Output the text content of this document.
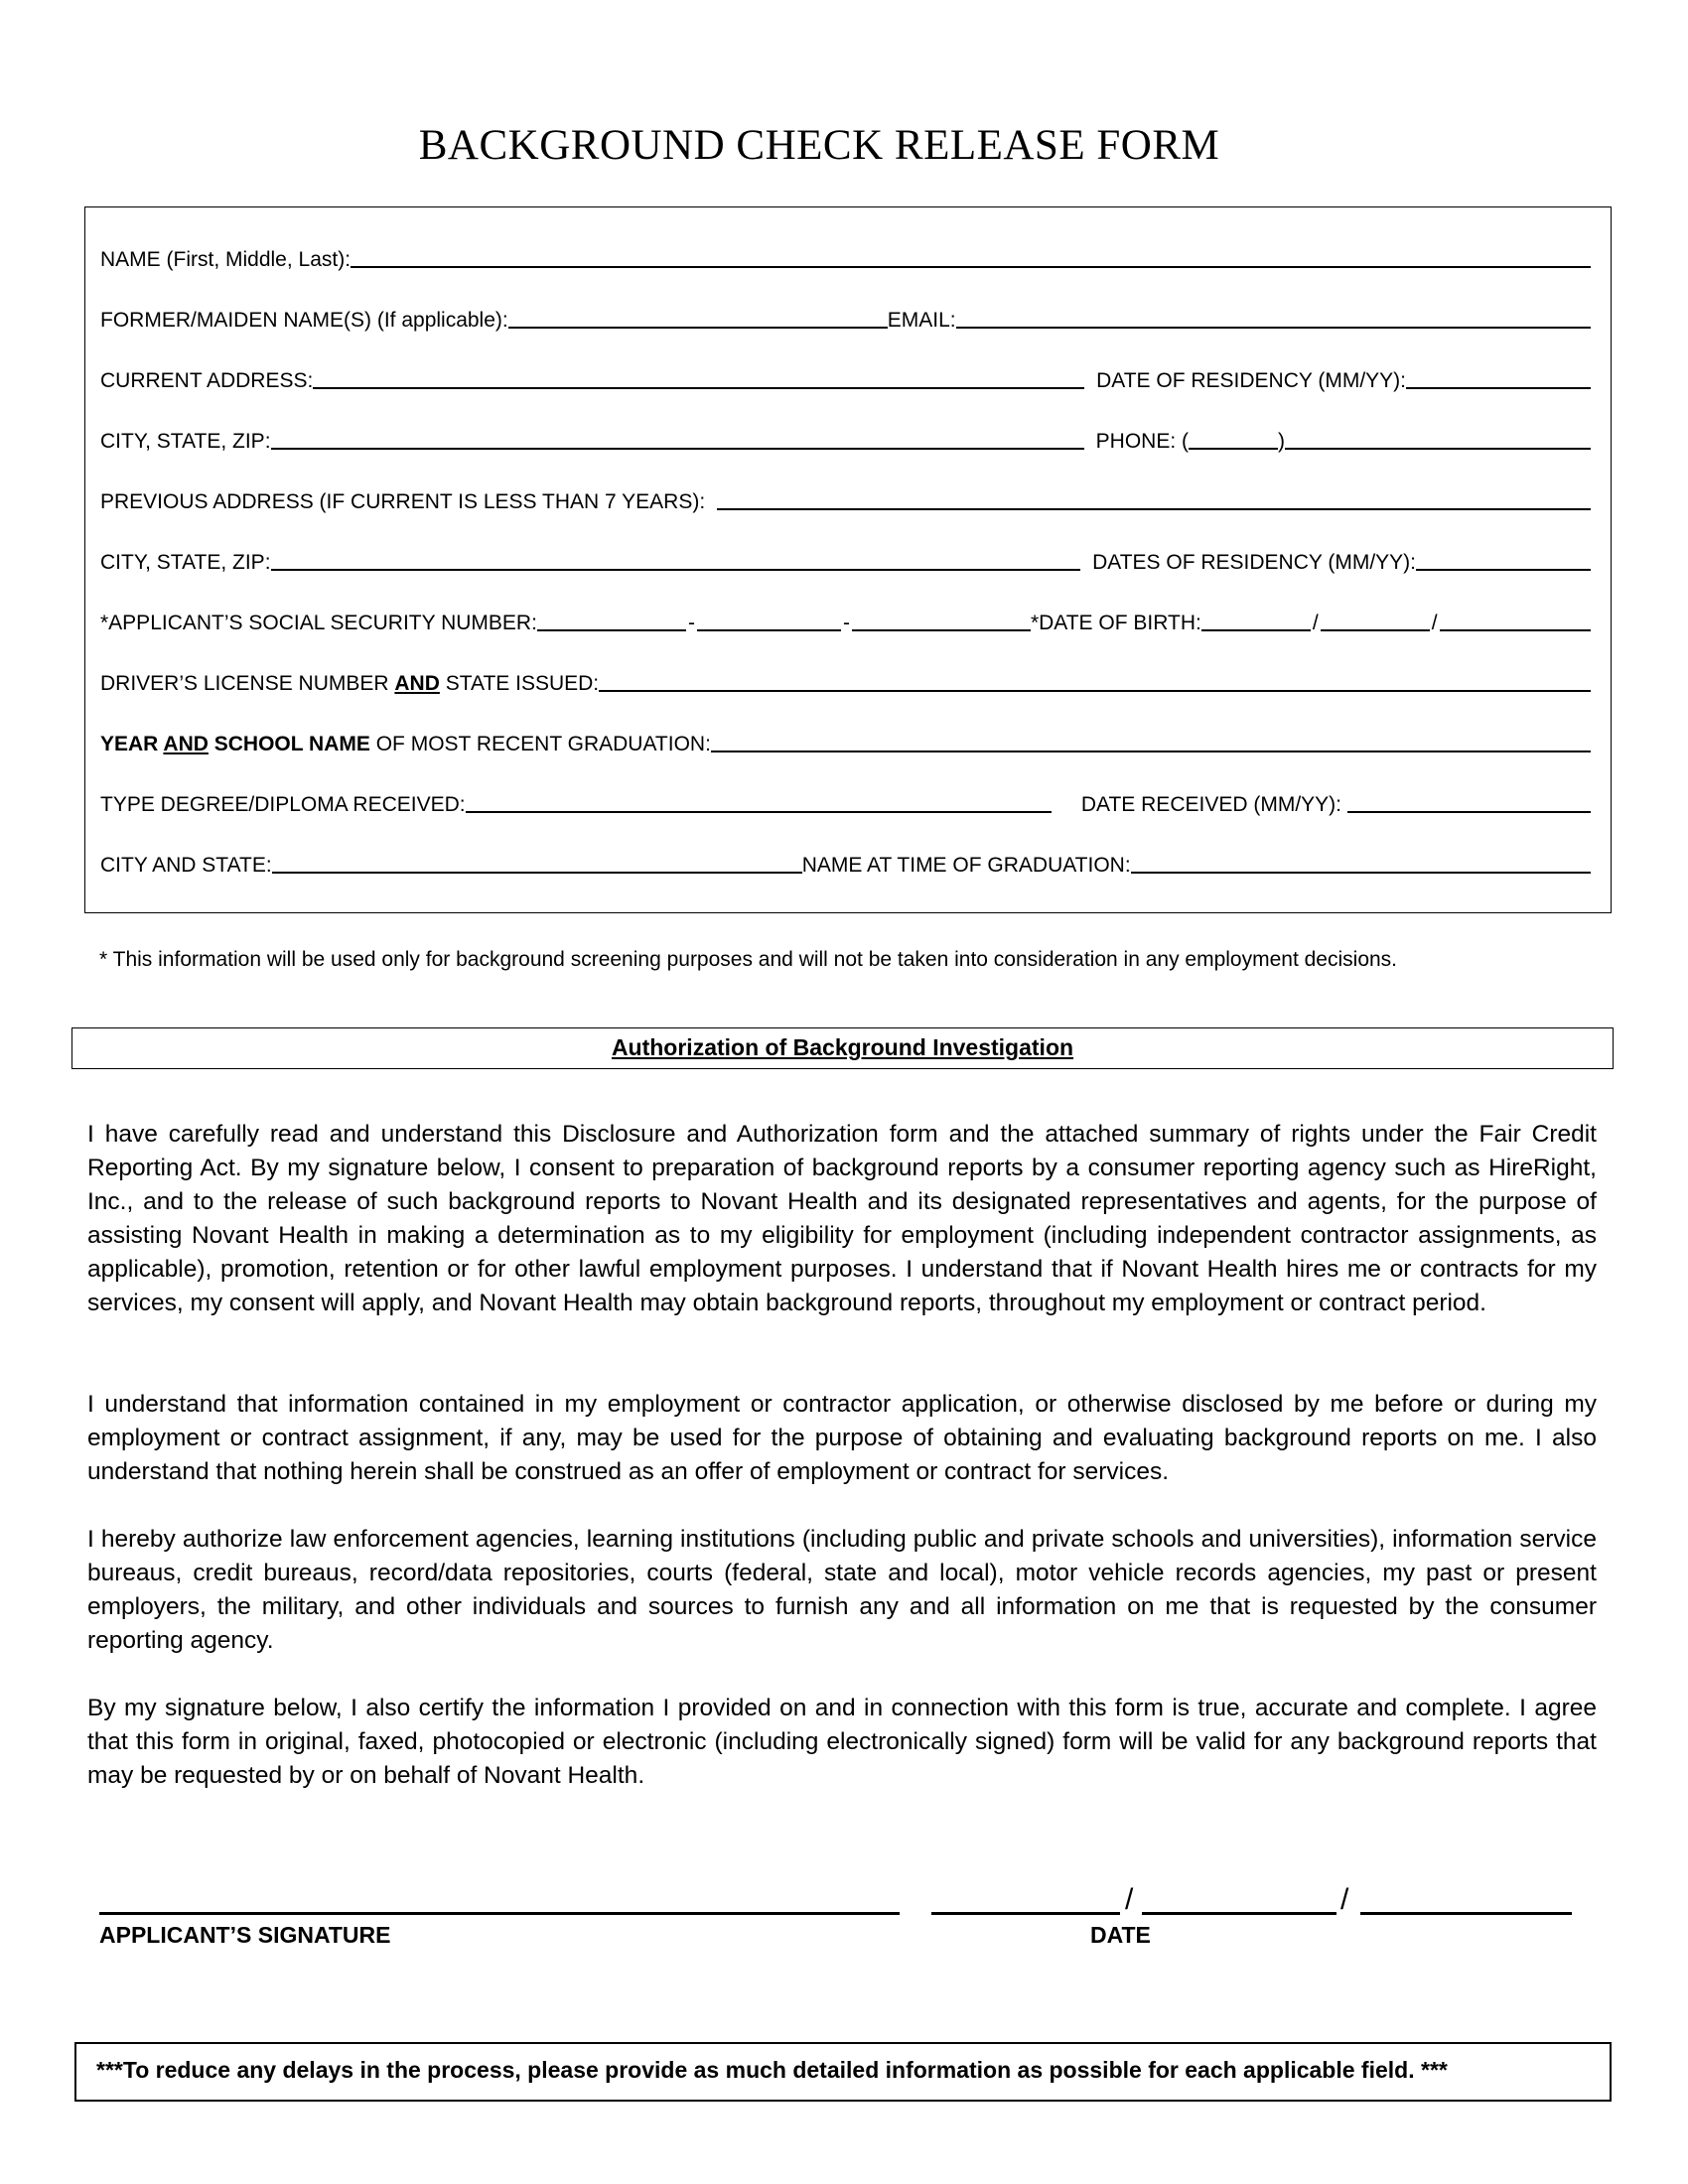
BACKGROUND CHECK RELEASE FORM
NAME (First, Middle, Last):
FORMER/MAIDEN NAME(S) (If applicable):	EMAIL:
CURRENT ADDRESS:	DATE OF RESIDENCY (MM/YY):
CITY, STATE, ZIP:	PHONE: (	)
PREVIOUS ADDRESS (IF CURRENT IS LESS THAN 7 YEARS):
CITY, STATE, ZIP:	DATES OF RESIDENCY (MM/YY):
*APPLICANT’S SOCIAL SECURITY NUMBER:	-	-	*DATE OF BIRTH:	/	/
DRIVER’S LICENSE NUMBER AND STATE ISSUED:
YEAR AND SCHOOL NAME OF MOST RECENT GRADUATION:
TYPE DEGREE/DIPLOMA RECEIVED:	DATE RECEIVED (MM/YY):
CITY AND STATE:	NAME AT TIME OF GRADUATION:
* This information will be used only for background screening purposes and will not be taken into consideration in any employment decisions.
Authorization of Background Investigation
I have carefully read and understand this Disclosure and Authorization form and the attached summary of rights under the Fair Credit Reporting Act. By my signature below, I consent to preparation of background reports by a consumer reporting agency such as HireRight, Inc., and to the release of such background reports to Novant Health and its designated representatives and agents, for the purpose of assisting Novant Health in making a determination as to my eligibility for employment (including independent contractor assignments, as applicable), promotion, retention or for other lawful employment purposes. I understand that if Novant Health hires me or contracts for my services, my consent will apply, and Novant Health may obtain background reports, throughout my employment or contract period.
I understand that information contained in my employment or contractor application, or otherwise disclosed by me before or during my employment or contract assignment, if any, may be used for the purpose of obtaining and evaluating background reports on me. I also understand that nothing herein shall be construed as an offer of employment or contract for services.
I hereby authorize law enforcement agencies, learning institutions (including public and private schools and universities), information service bureaus, credit bureaus, record/data repositories, courts (federal, state and local), motor vehicle records agencies, my past or present employers, the military, and other individuals and sources to furnish any and all information on me that is requested by the consumer reporting agency.
By my signature below, I also certify the information I provided on and in connection with this form is true, accurate and complete. I agree that this form in original, faxed, photocopied or electronic (including electronically signed) form will be valid for any background reports that may be requested by or on behalf of Novant Health.
/	/
APPLICANT’S SIGNATURE	DATE
***To reduce any delays in the process, please provide as much detailed information as possible for each applicable field. ***
